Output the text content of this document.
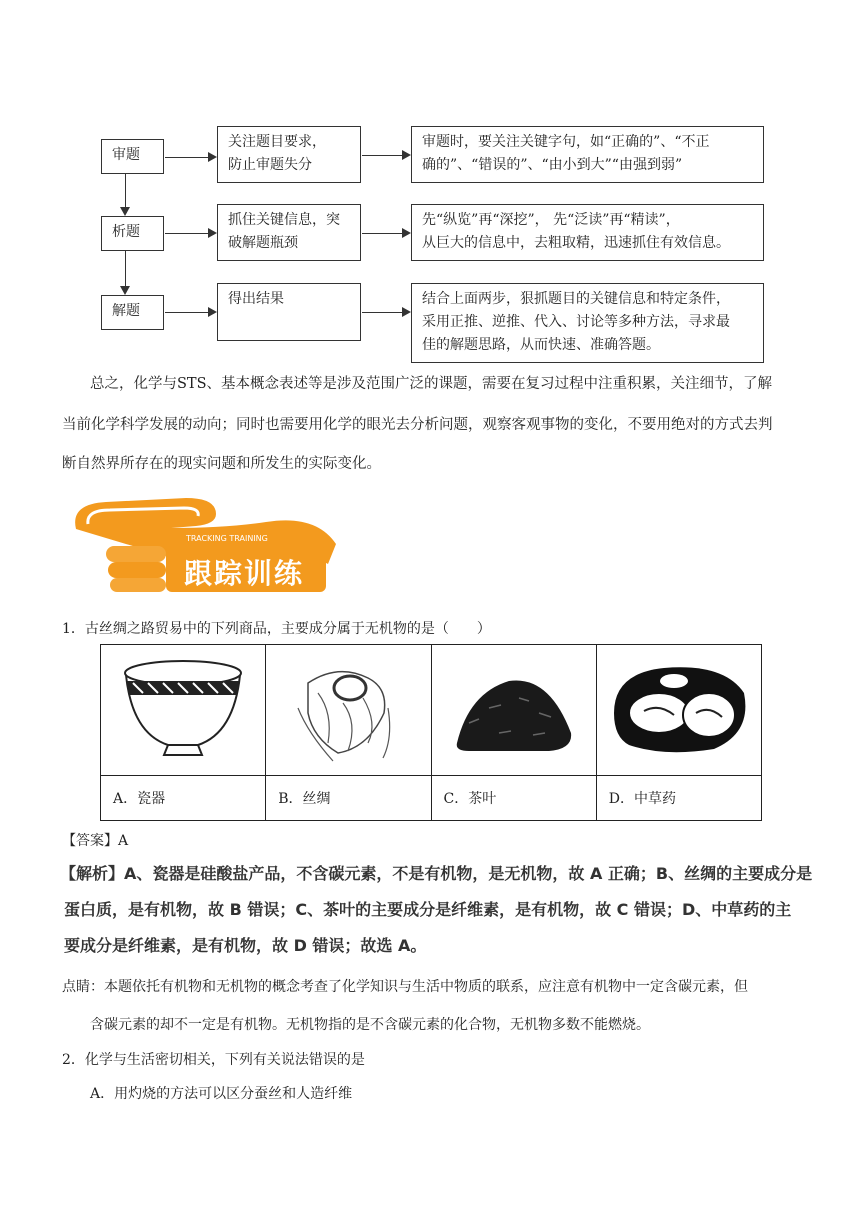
审题
析题
解题
关注题目要求，
防止审题失分
抓住关键信息，突
破解题瓶颈
得出结果
审题时，要关注关键字句，如“正确的”、“不正
确的”、“错误的”、“由小到大”“由强到弱”
先“纵览”再“深挖”， 先“泛读”再“精读”，
从巨大的信息中，去粗取精，迅速抓住有效信息。
结合上面两步，狠抓题目的关键信息和特定条件，
采用正推、逆推、代入、讨论等多种方法，寻求最
佳的解题思路，从而快速、准确答题。
总之，化学与STS、基本概念表述等是涉及范围广泛的课题，需要在复习过程中注重积累，关注细节，了解
当前化学科学发展的动向；同时也需要用化学的眼光去分析问题，观察客观事物的变化，不要用绝对的方式去判
断自然界所存在的现实问题和所发生的实际变化。
TRACKING TRAINING
跟踪训练
1．古丝绸之路贸易中的下列商品，主要成分属于无机物的是（　　）

A．瓷器	B．丝绸	C．茶叶	D．中草药
【答案】A
【解析】A、瓷器是硅酸盐产品，不含碳元素，不是有机物，是无机物，故 A 正确；B、丝绸的主要成分是
蛋白质，是有机物，故 B 错误；C、茶叶的主要成分是纤维素，是有机物，故 C 错误；D、中草药的主
要成分是纤维素，是有机物，故 D 错误；故选 A。
点睛：本题依托有机物和无机物的概念考查了化学知识与生活中物质的联系，应注意有机物中一定含碳元素，但
含碳元素的却不一定是有机物。无机物指的是不含碳元素的化合物，无机物多数不能燃烧。
2．化学与生活密切相关，下列有关说法错误的是
A．用灼烧的方法可以区分蚕丝和人造纤维
